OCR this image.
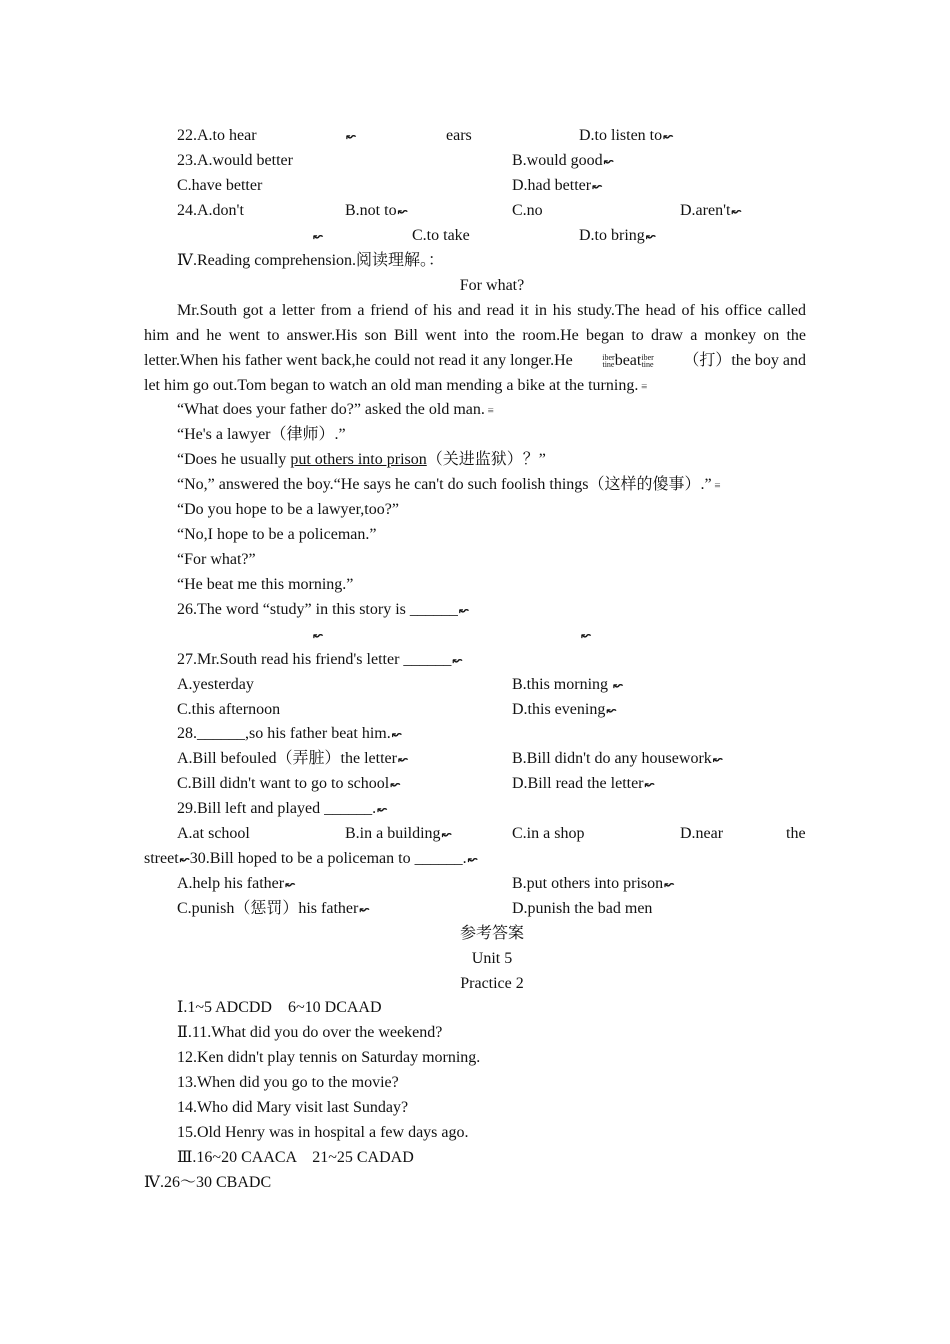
22.A.to hear	↜	ears	D.to listen to↜
23.A.would better	B.would good↜
C.have better	D.had better↜
24.A.don't	B.not to↜	C.no	D.aren't↜
↜	C.to take	D.to bring↜
Ⅳ.Reading comprehension.阅读理解。：
For what?
Mr.South got a letter from a friend of his and read it in his study.The head of his office called
him and he went to answer.His son Bill went into the room.He began to draw a monkey on the
letter.When his father went back,he could not read it any longer.He	iber
tinebeatiber
tine （打）the boy and
let him go out.Tom began to watch an old man mending a bike at the turning. ≡
“What does your father do?” asked the old man. ≡
“He's a lawyer（律师）.”
“Does he usually put others into prison（关进监狱）？”
“No,” answered the boy.“He says he can't do such foolish things（这样的傻事）.” ≡
“Do you hope to be a lawyer,too?”
“No,I hope to be a policeman.”
“For what?”
“He beat me this morning.”
26.The word “study” in this story is ______↜
↜	↜
27.Mr.South read his friend's letter ______↜
A.yesterday	B.this morning ↜
C.this afternoon	D.this evening↜
28.______,so his father beat him.↜
A.Bill befouled（弄脏）the letter↜	B.Bill didn't do any housework↜
C.Bill didn't want to go to school↜	D.Bill read the letter↜
29.Bill left and played ______.↜
A.at school	B.in a building↜	C.in a shop	D.near	the
street↜30.Bill hoped to be a policeman to ______.↜
A.help his father↜	B.put others into prison↜
C.punish（惩罚）his father↜	D.punish the bad men
参考答案
Unit 5
Practice 2
Ⅰ.1~5 ADCDD　6~10 DCAAD
Ⅱ.11.What did you do over the weekend?
12.Ken didn't play tennis on Saturday morning.
13.When did you go to the movie?
14.Who did Mary visit last Sunday?
15.Old Henry was in hospital a few days ago.
Ⅲ.16~20 CAACA　21~25 CADAD
Ⅳ.26～30 CBADC
